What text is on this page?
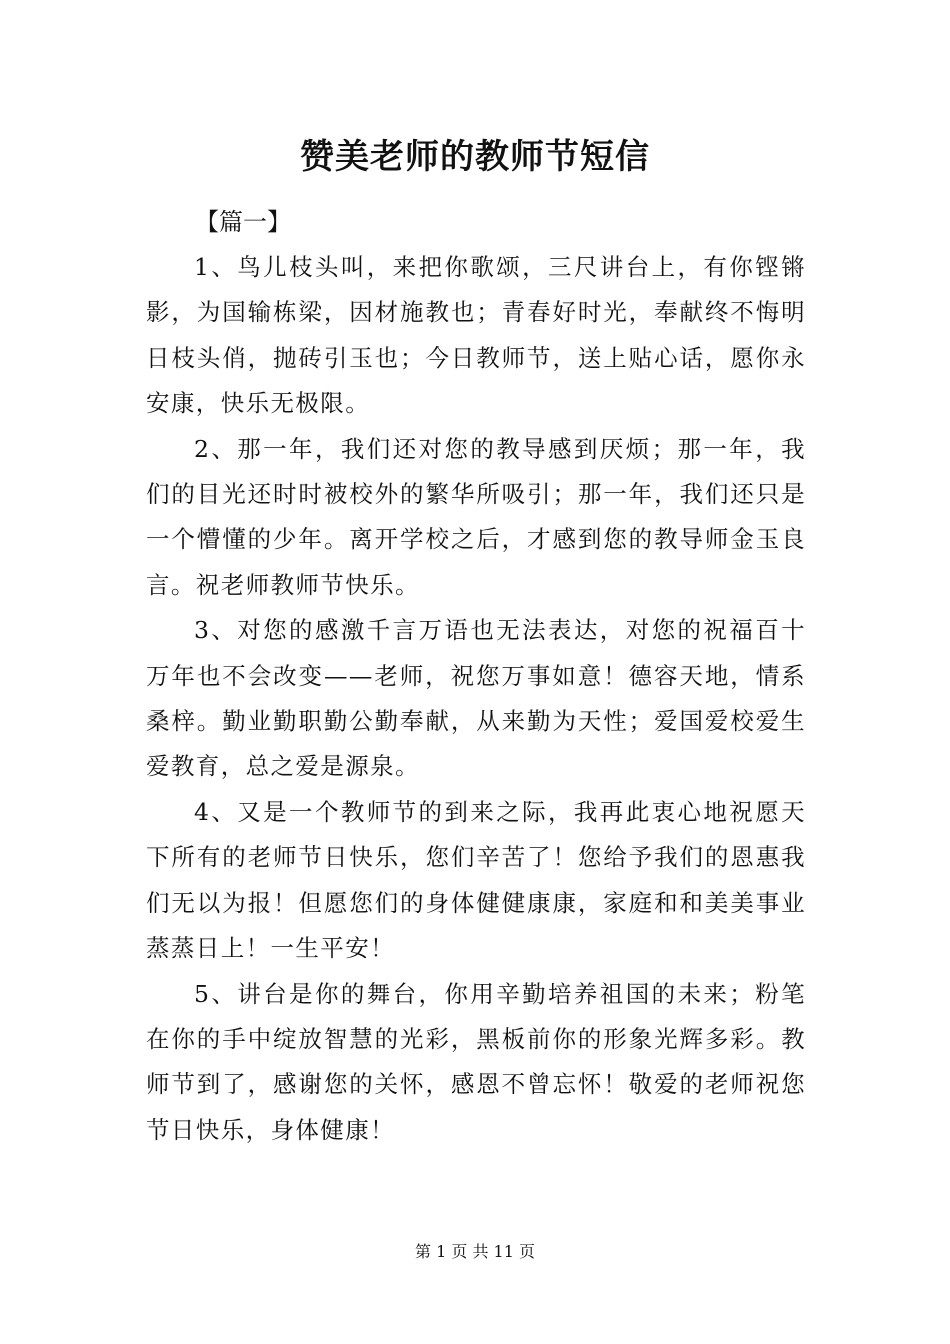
赞美老师的教师节短信

【篇一】

1、鸟儿枝头叫，来把你歌颂，三尺讲台上，有你铿锵影，为国输栋梁，因材施教也；青春好时光，奉献终不悔明日枝头俏，抛砖引玉也；今日教师节，送上贴心话，愿你永安康，快乐无极限。

2、那一年，我们还对您的教导感到厌烦；那一年，我们的目光还时时被校外的繁华所吸引；那一年，我们还只是一个懵懂的少年。离开学校之后，才感到您的教导师金玉良言。祝老师教师节快乐。

3、对您的感激千言万语也无法表达，对您的祝福百十万年也不会改变——老师，祝您万事如意！德容天地，情系桑梓。勤业勤职勤公勤奉献，从来勤为天性；爱国爱校爱生爱教育，总之爱是源泉。

4、又是一个教师节的到来之际，我再此衷心地祝愿天下所有的老师节日快乐，您们辛苦了！您给予我们的恩惠我们无以为报！但愿您们的身体健健康康，家庭和和美美事业蒸蒸日上！一生平安！

5、讲台是你的舞台，你用辛勤培养祖国的未来；粉笔在你的手中绽放智慧的光彩，黑板前你的形象光辉多彩。教师节到了，感谢您的关怀，感恩不曾忘怀！敬爱的老师祝您节日快乐，身体健康！

第 1 页 共 11 页
